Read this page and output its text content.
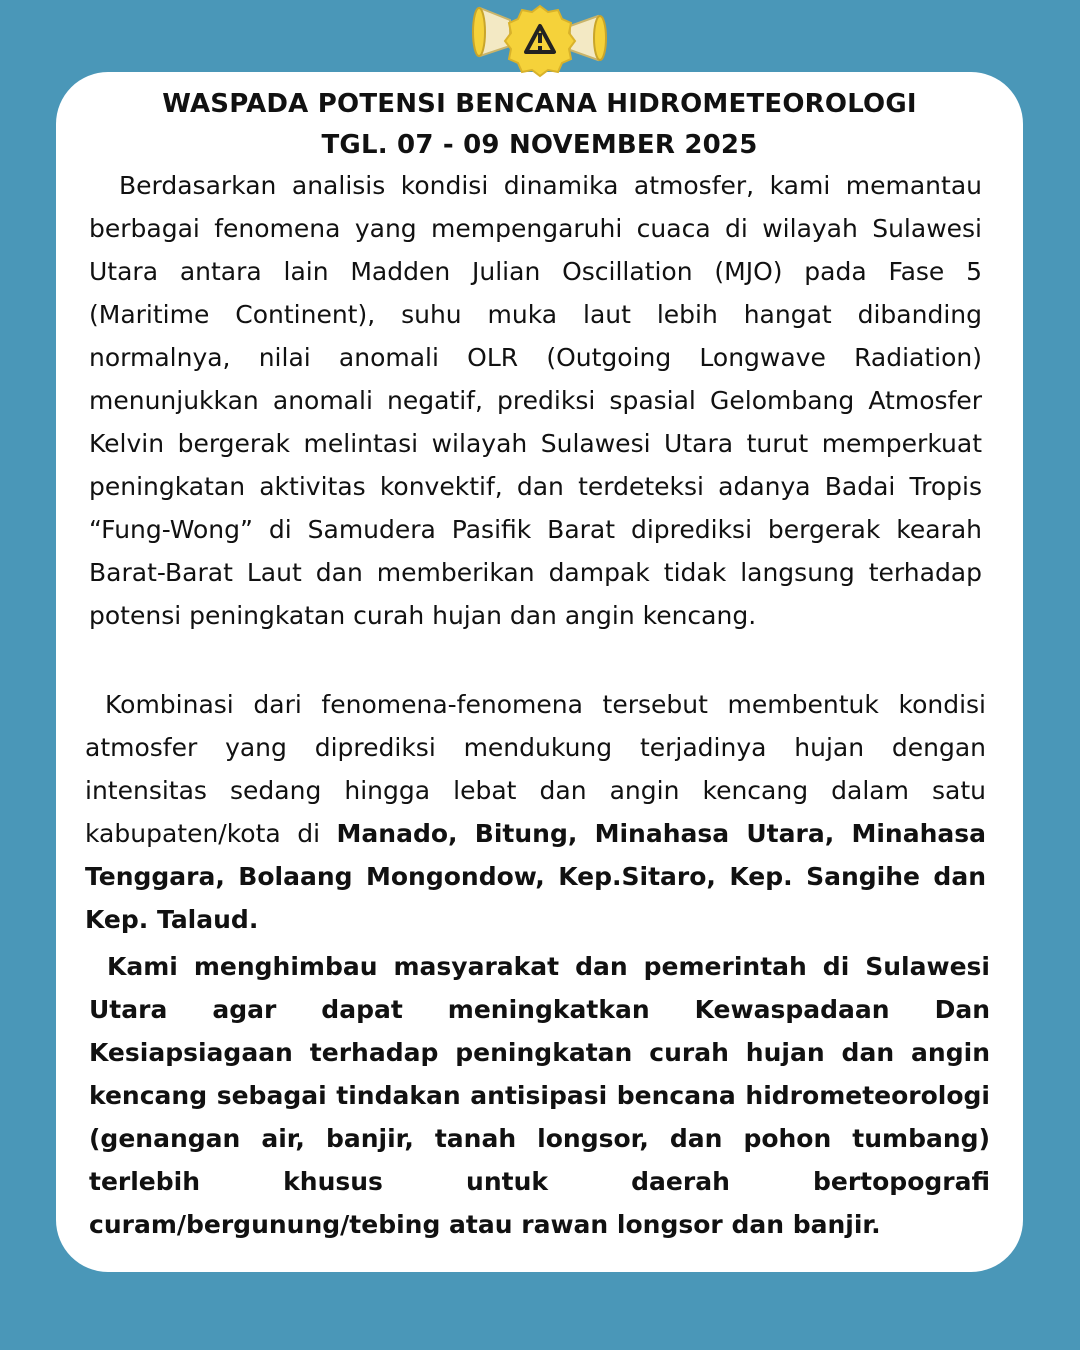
WASPADA POTENSI BENCANA HIDROMETEOROLOGI
TGL. 07 - 09 NOVEMBER 2025

Berdasarkan analisis kondisi dinamika atmosfer, kami memantau berbagai fenomena yang mempengaruhi cuaca di wilayah Sulawesi Utara antara lain Madden Julian Oscillation (MJO) pada Fase 5 (Maritime Continent), suhu muka laut lebih hangat dibanding normalnya, nilai anomali OLR (Outgoing Longwave Radiation) menunjukkan anomali negatif, prediksi spasial Gelombang Atmosfer Kelvin bergerak melintasi wilayah Sulawesi Utara turut memperkuat peningkatan aktivitas konvektif, dan terdeteksi adanya Badai Tropis “Fung-Wong” di Samudera Pasifik Barat diprediksi bergerak kearah Barat-Barat Laut dan memberikan dampak tidak langsung terhadap potensi peningkatan curah hujan dan angin kencang.

Kombinasi dari fenomena-fenomena tersebut membentuk kondisi atmosfer yang diprediksi mendukung terjadinya hujan dengan intensitas sedang hingga lebat dan angin kencang dalam satu kabupaten/kota di Manado, Bitung, Minahasa Utara, Minahasa Tenggara, Bolaang Mongondow, Kep.Sitaro, Kep. Sangihe dan Kep. Talaud.

Kami menghimbau masyarakat dan pemerintah di Sulawesi Utara agar dapat meningkatkan Kewaspadaan Dan Kesiapsiagaan terhadap peningkatan curah hujan dan angin kencang sebagai tindakan antisipasi bencana hidrometeorologi (genangan air, banjir, tanah longsor, dan pohon tumbang) terlebih khusus untuk daerah bertopografi curam/bergunung/tebing atau rawan longsor dan banjir.
